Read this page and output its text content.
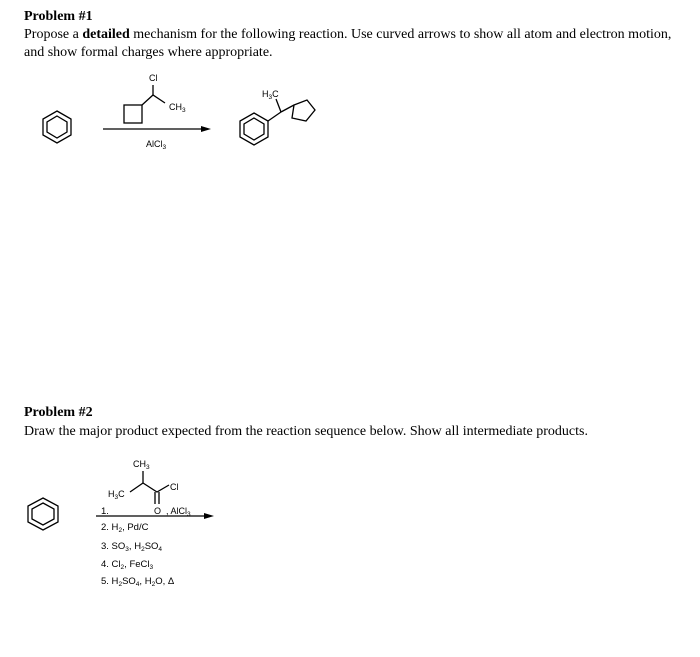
Problem #1
Propose a detailed mechanism for the following reaction. Use curved arrows to show all atom and electron motion, and show formal charges where appropriate.
Problem #2
Draw the major product expected from the reaction sequence below. Show all intermediate products.
Cl
$CH_3$
AlCl$_3$
$H_3C$
$CH_3$
Cl
$H_3C$
O , AlCl$_3$
1.
2. $H_2$, Pd/C
3. $SO_3$, $H_2SO_4$
4. $Cl_2$, FeCl$_3$
5. $H_2SO_4$, $H_2O$, Δ
